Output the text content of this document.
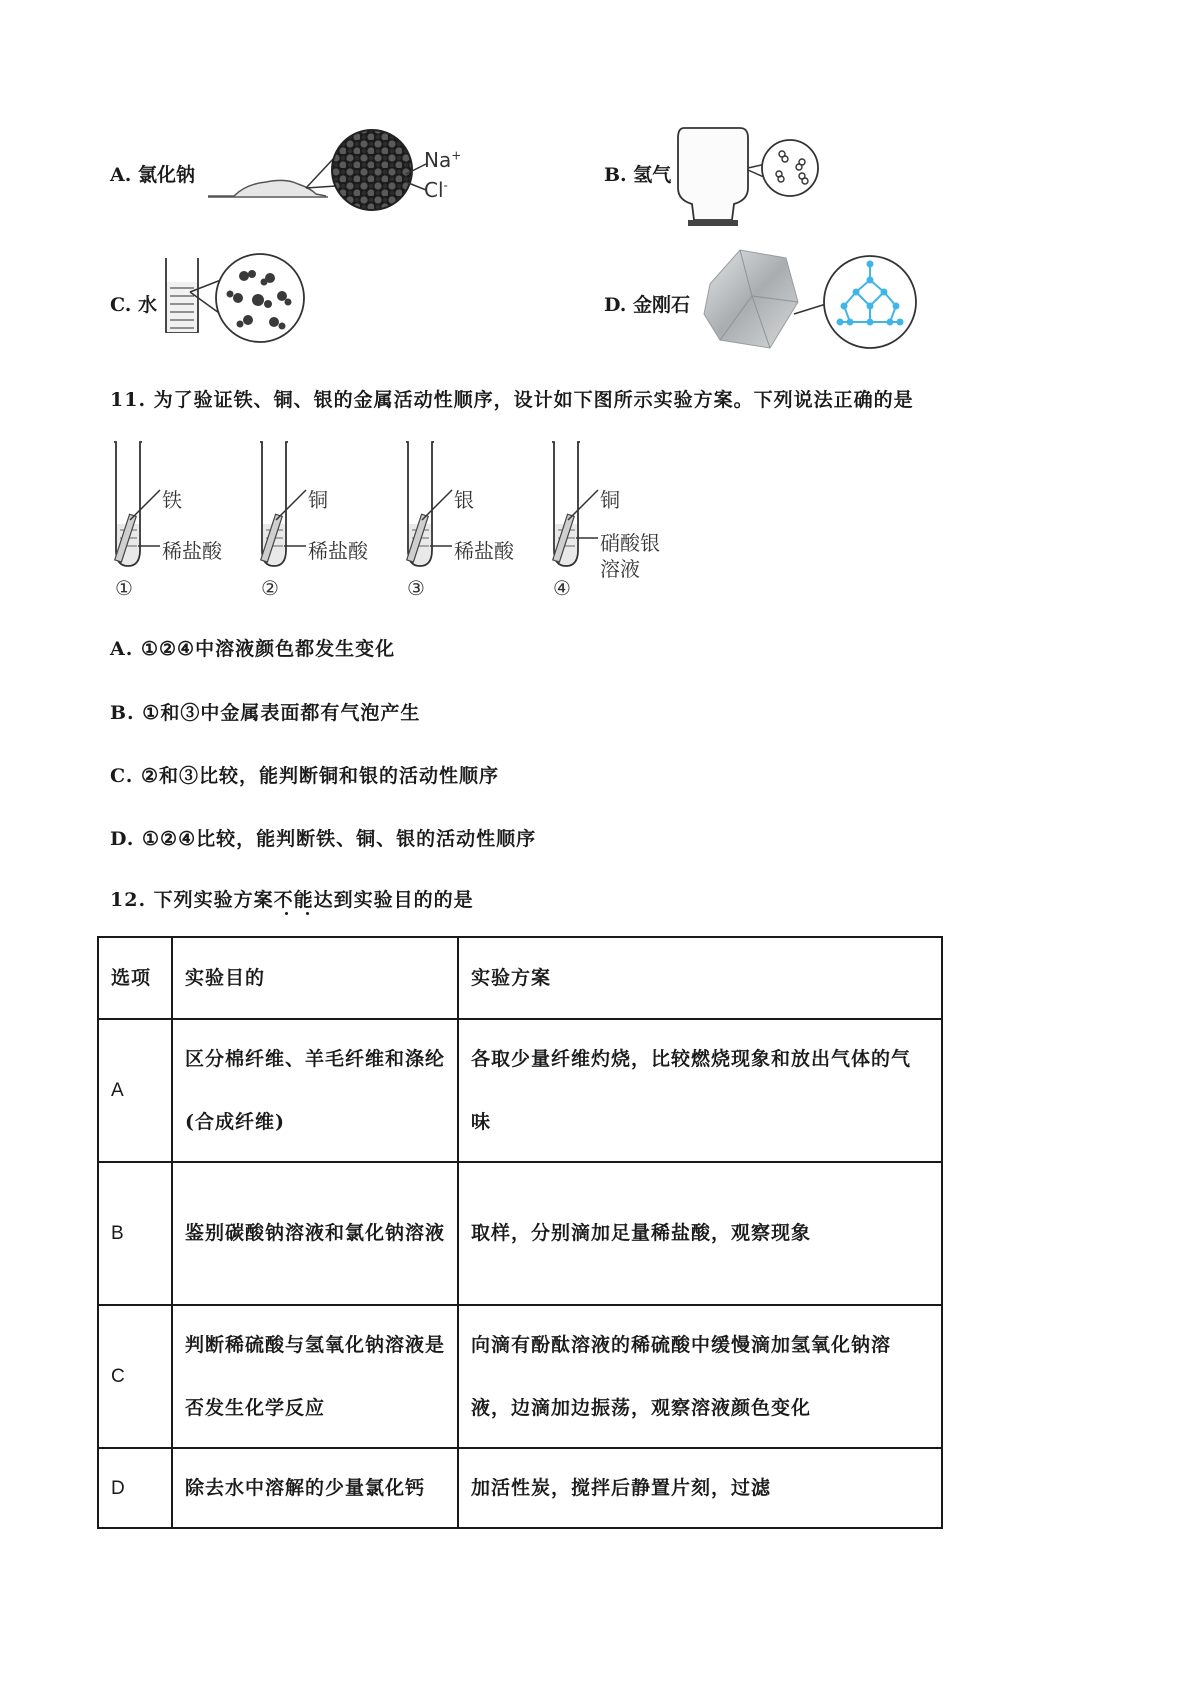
A. 氯化钠
Na+
Cl-	B. 氢气
C. 水	D. 金刚石
11. 为了验证铁、铜、银的金属活动性顺序，设计如下图所示实验方案。下列说法正确的是
铁
稀盐酸
①
铜
稀盐酸
②
银
稀盐酸
③
铜
硝酸银
溶液
④
A. ①②④中溶液颜色都发生变化
B. ①和③中金属表面都有气泡产生
C. ②和③比较，能判断铜和银的活动性顺序
D. ①②④比较，能判断铁、铜、银的活动性顺序
12. 下列实验方案不能达到实验目的的是
选项	实验目的	实验方案
A	区分棉纤维、羊毛纤维和涤纶(合成纤维)	各取少量纤维灼烧，比较燃烧现象和放出气体的气味
B	鉴别碳酸钠溶液和氯化钠溶液	取样，分别滴加足量稀盐酸，观察现象
C	判断稀硫酸与氢氧化钠溶液是否发生化学反应	向滴有酚酞溶液的稀硫酸中缓慢滴加氢氧化钠溶液，边滴加边振荡，观察溶液颜色变化
D	除去水中溶解的少量氯化钙	加活性炭，搅拌后静置片刻，过滤
